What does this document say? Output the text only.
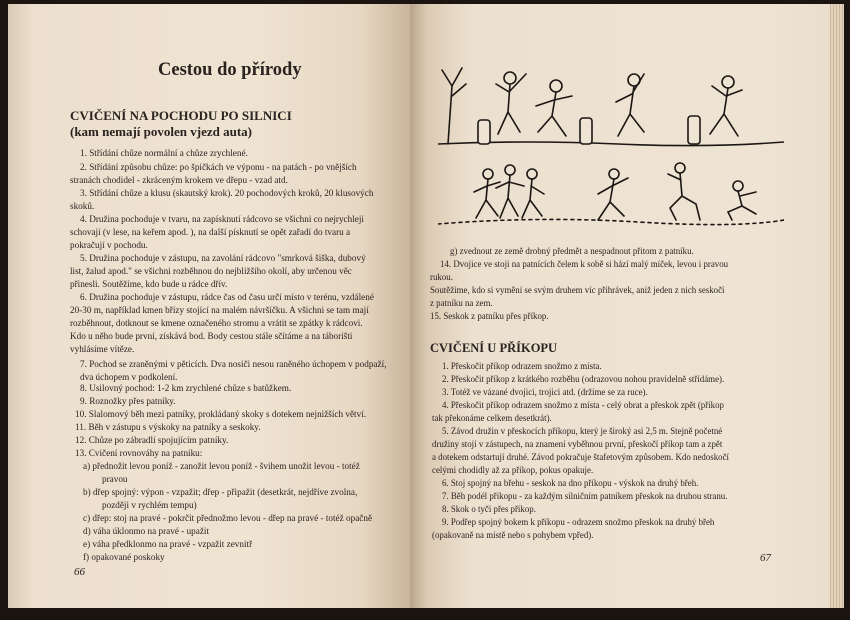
Cestou do přírody
CVIČENÍ NA POCHODU PO SILNICI
(kam nemají povolen vjezd auta)
1. Střídání chůze normální a chůze zrychlené.
2. Střídání způsobu chůze: po špičkách ve výponu - na patách - po vnějších
stranách chodidel - zkráceným krokem ve dřepu - vzad atd.
3. Střídání chůze a klusu (skautský krok). 20 pochodových kroků, 20 klusových
skoků.
4. Družina pochoduje v tvaru, na zapísknutí rádcovo se všichni co nejrychleji
schovají (v lese, na keřem apod. ), na další písknutí se opět zařadí do tvaru a
pokračují v pochodu.
5. Družina pochoduje v zástupu, na zavolání rádcovo "smrková šiška, dubový
list, žalud apod." se všichni rozběhnou do nejbližšího okolí, aby určenou věc
přinesli. Soutěžíme, kdo bude u rádce dřív.
6. Družina pochoduje v zástupu, rádce čas od času určí místo v terénu, vzdálené
20-30 m, například kmen břízy stojící na malém návršíčku. A všichni se tam mají
rozběhnout, dotknout se kmene označeného stromu a vrátit se zpátky k rádcovi.
Kdo u něho bude první, získává bod. Body cestou stále sčítáme a na táborišti
vyhlásíme vítěze.
7. Pochod se zraněnými v pěticích. Dva nosiči nesou raněného úchopem v podpaží, dva úchopem v podkolení.
8. Usilovný pochod: 1-2 km zrychlené chůze s batůžkem.
9. Roznožky přes patníky.
10. Slalomový běh mezi patníky, prokládaný skoky s dotekem nejnižších větví.
11. Běh v zástupu s výskoky na patníky a seskoky.
12. Chůze po zábradlí spojujícím patníky.
13. Cvičení rovnováhy na patníku:
a) přednožit levou poníž - zanožit levou poníž - švihem unožit levou - totéž
pravou
b) dřep spojný: výpon - vzpažit; dřep - připažit (desetkrát, nejdříve zvolna,
později v rychlém tempu)
c) dřep: stoj na pravé - pokrčit přednožmo levou - dřep na pravé - totéž opačně
d) váha úklonmo na pravé - upažit
e) váha předklonmo na pravé - vzpažit zevnitř
f) opakované poskoky
66
g) zvednout ze země drobný předmět a nespadnout přitom z patníku.
14. Dvojice ve stoji na patnících čelem k sobě si hází malý míček, levou i pravou
rukou.
Soutěžíme, kdo si vymění se svým druhem víc přihrávek, aniž jeden z nich seskočí
z patníku na zem.
15. Seskok z patníku přes příkop.
CVIČENÍ U PŘÍKOPU
1. Přeskočit příkop odrazem snožmo z místa.
2. Přeskočit příkop z krátkého rozběhu (odrazovou nohou pravidelně střídáme).
3. Totéž ve vázané dvojici, trojici atd. (držíme se za ruce).
4. Přeskočit příkop odrazem snožmo z místa - celý obrat a přeskok zpět (příkop
tak překonáme celkem desetkrát).
5. Závod družin v přeskocích příkopu, který je široký asi 2,5 m. Stejně početné
družiny stojí v zástupech, na znamení vyběhnou první, přeskočí příkop tam a zpět
a dotekem odstartují druhé. Závod pokračuje štafetovým způsobem. Kdo nedoskočí
celými chodidly až za příkop, pokus opakuje.
6. Stoj spojný na břehu - seskok na dno příkopu - výskok na druhý břeh.
7. Běh podél příkopu - za každým silničním patníkem přeskok na druhou stranu.
8. Skok o tyči přes příkop.
9. Podřep spojný bokem k příkopu - odrazem snožmo přeskok na druhý břeh
(opakovaně na místě nebo s pohybem vpřed).
67
